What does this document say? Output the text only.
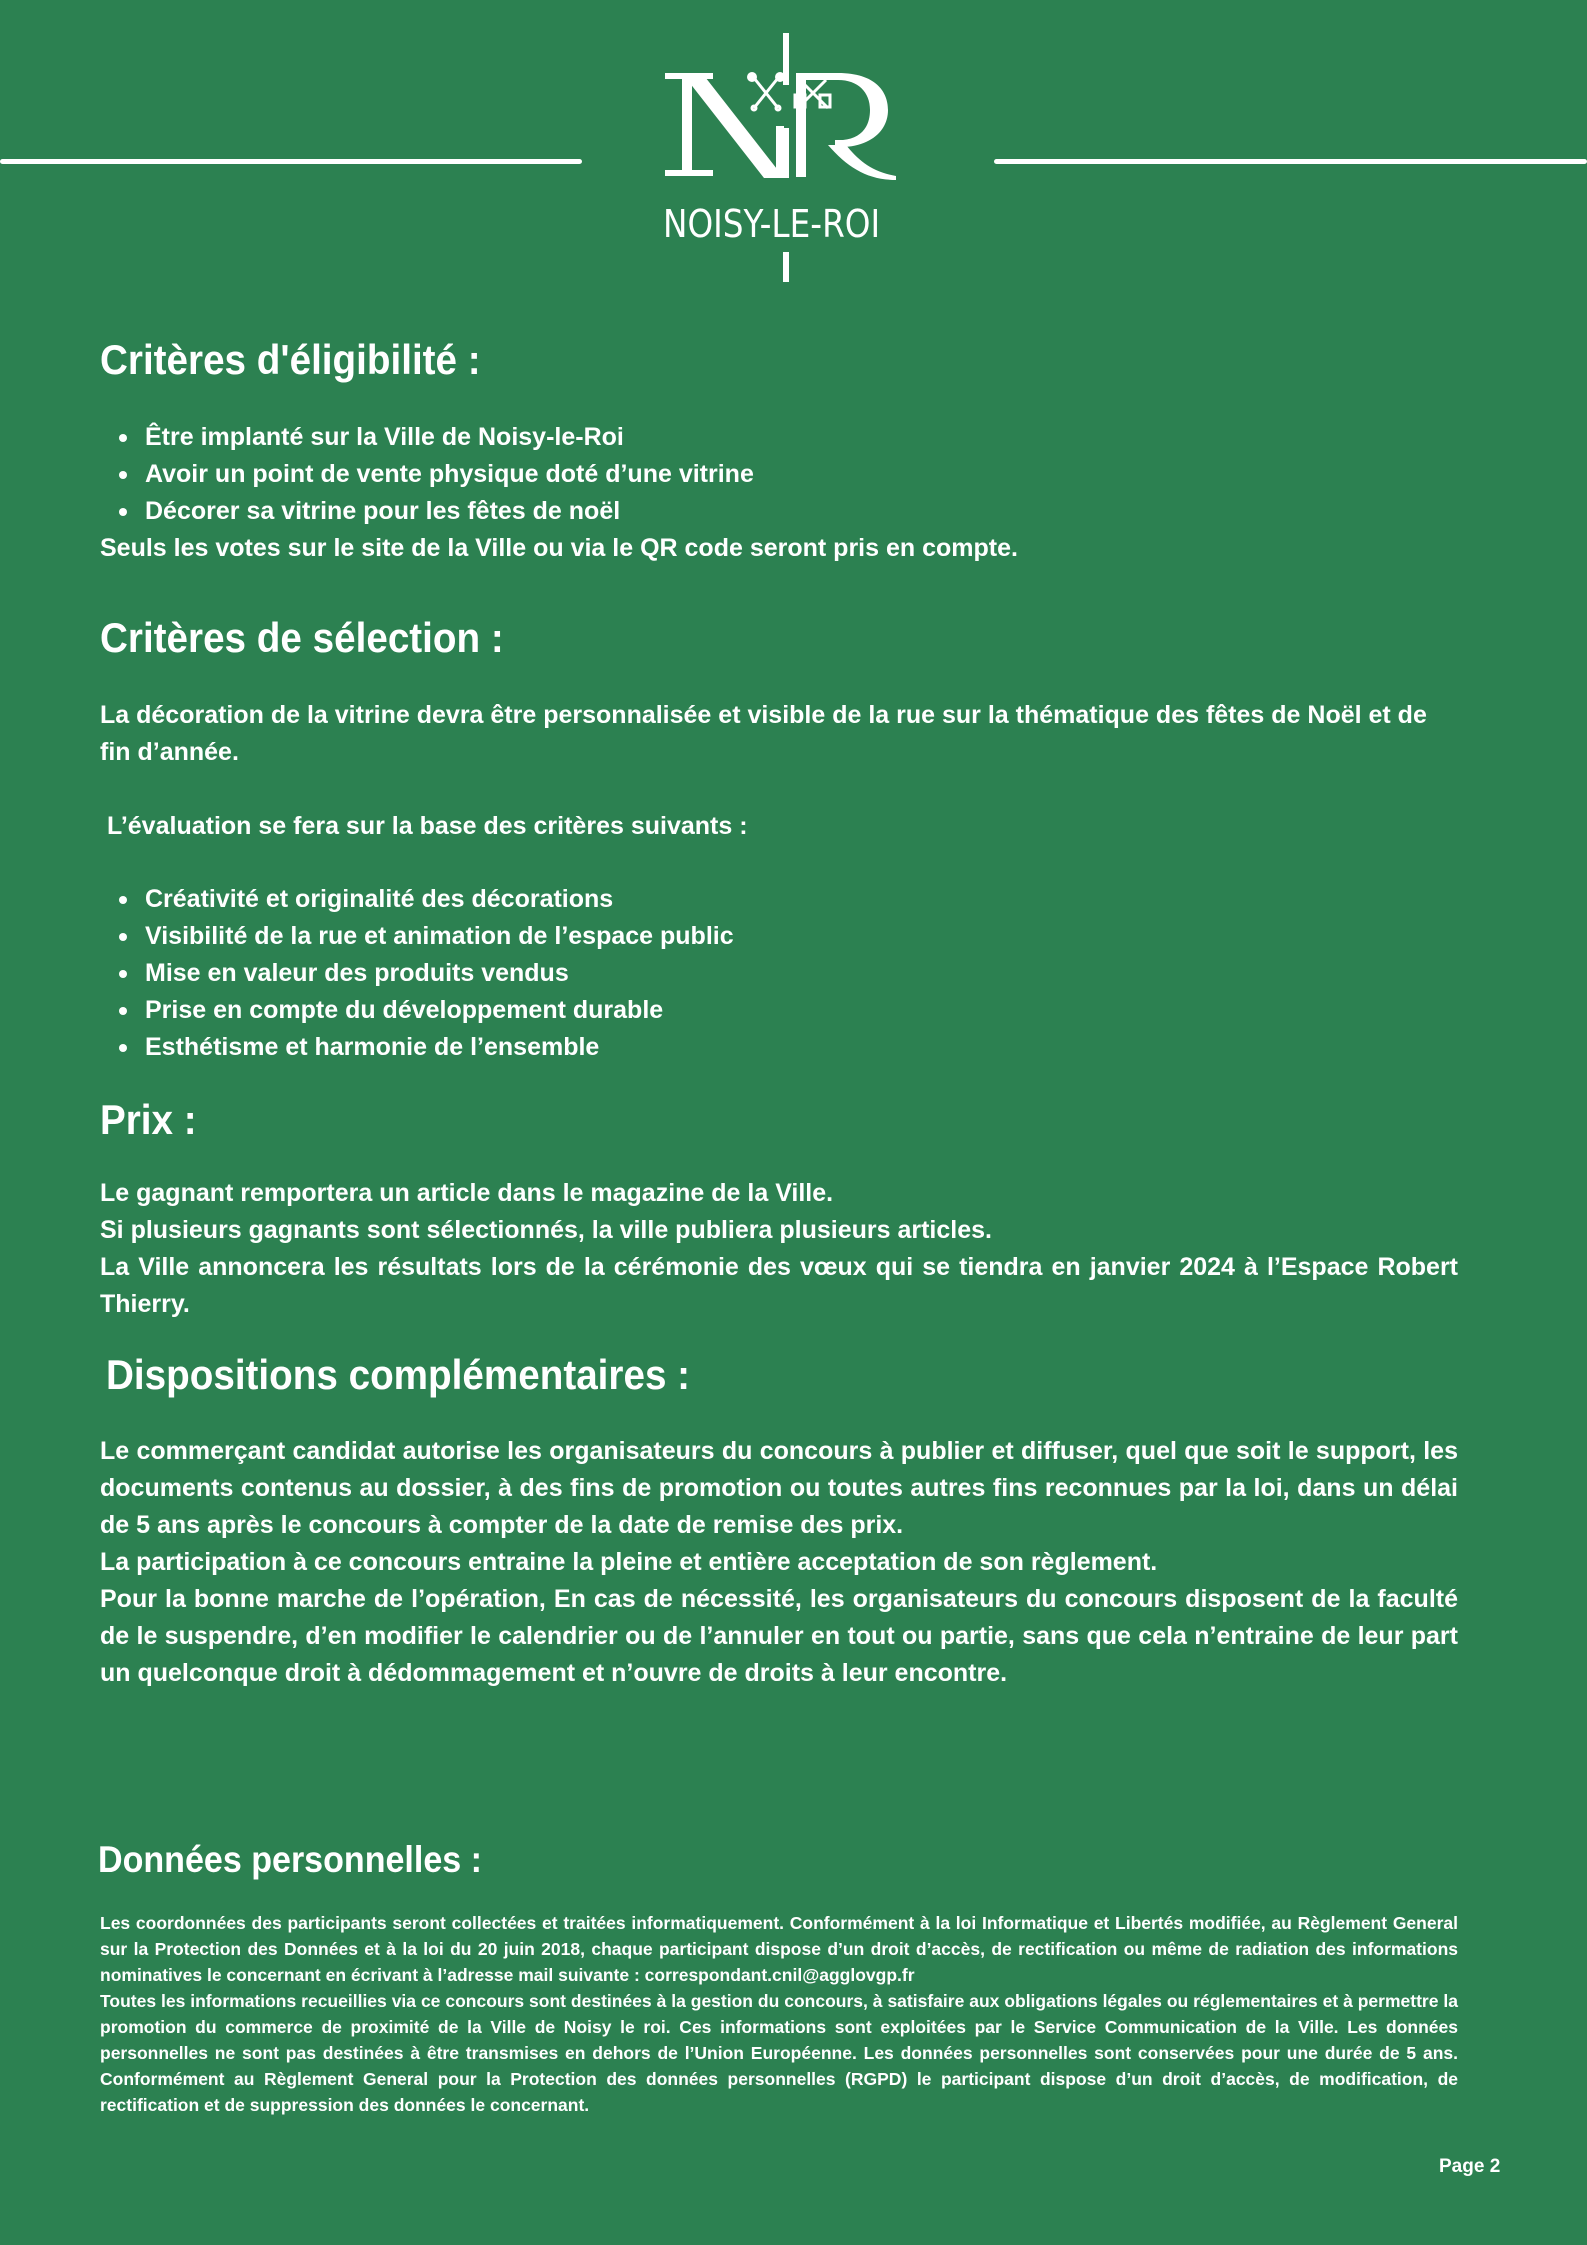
NOISY-LE-ROI
Critères d'éligibilité :
Être implanté sur la Ville de Noisy-le-Roi
Avoir un point de vente physique doté d’une vitrine
Décorer sa vitrine pour les fêtes de noël
Seuls les votes sur le site de la Ville ou via le QR code seront pris en compte.
Critères de sélection :
La décoration de la vitrine devra être personnalisée et visible de la rue sur la thématique des fêtes de Noël et de fin d’année.
L’évaluation se fera sur la base des critères suivants :
Créativité et originalité des décorations
Visibilité de la rue et animation de l’espace public
Mise en valeur des produits vendus
Prise en compte du développement durable
Esthétisme et harmonie de l’ensemble
Prix :
Le gagnant remportera un article dans le magazine de la Ville.
Si plusieurs gagnants sont sélectionnés, la ville publiera plusieurs articles.
La Ville annoncera les résultats lors de la cérémonie des vœux qui se tiendra en janvier 2024 à l’Espace Robert Thierry.
Dispositions complémentaires :
Le commerçant candidat autorise les organisateurs du concours à publier et diffuser, quel que soit le support, les documents contenus au dossier, à des fins de promotion ou toutes autres fins reconnues par la loi, dans un délai de 5 ans après le concours à compter de la date de remise des prix.
La participation à ce concours entraine la pleine et entière acceptation de son règlement.
Pour la bonne marche de l’opération, En cas de nécessité, les organisateurs du concours disposent de la faculté de le suspendre, d’en modifier le calendrier ou de l’annuler en tout ou partie, sans que cela n’entraine de leur part un quelconque droit à dédommagement et n’ouvre de droits à leur encontre.
Données personnelles :
Les coordonnées des participants seront collectées et traitées informatiquement. Conformément à la loi Informatique et Libertés modifiée, au Règlement General sur la Protection des Données et à la loi du 20 juin 2018, chaque participant dispose d’un droit d’accès, de rectification ou même de radiation des informations nominatives le concernant en écrivant à l’adresse mail suivante : correspondant.cnil@agglovgp.fr
Toutes les informations recueillies via ce concours sont destinées à la gestion du concours, à satisfaire aux obligations légales ou réglementaires et à permettre la promotion du commerce de proximité de la Ville de Noisy le roi. Ces informations sont exploitées par le Service Communication de la Ville. Les données personnelles ne sont pas destinées à être transmises en dehors de l’Union Européenne. Les données personnelles sont conservées pour une durée de 5 ans. Conformément au Règlement General pour la Protection des données personnelles (RGPD) le participant dispose d’un droit d’accès, de modification, de rectification et de suppression des données le concernant.
Page 2
